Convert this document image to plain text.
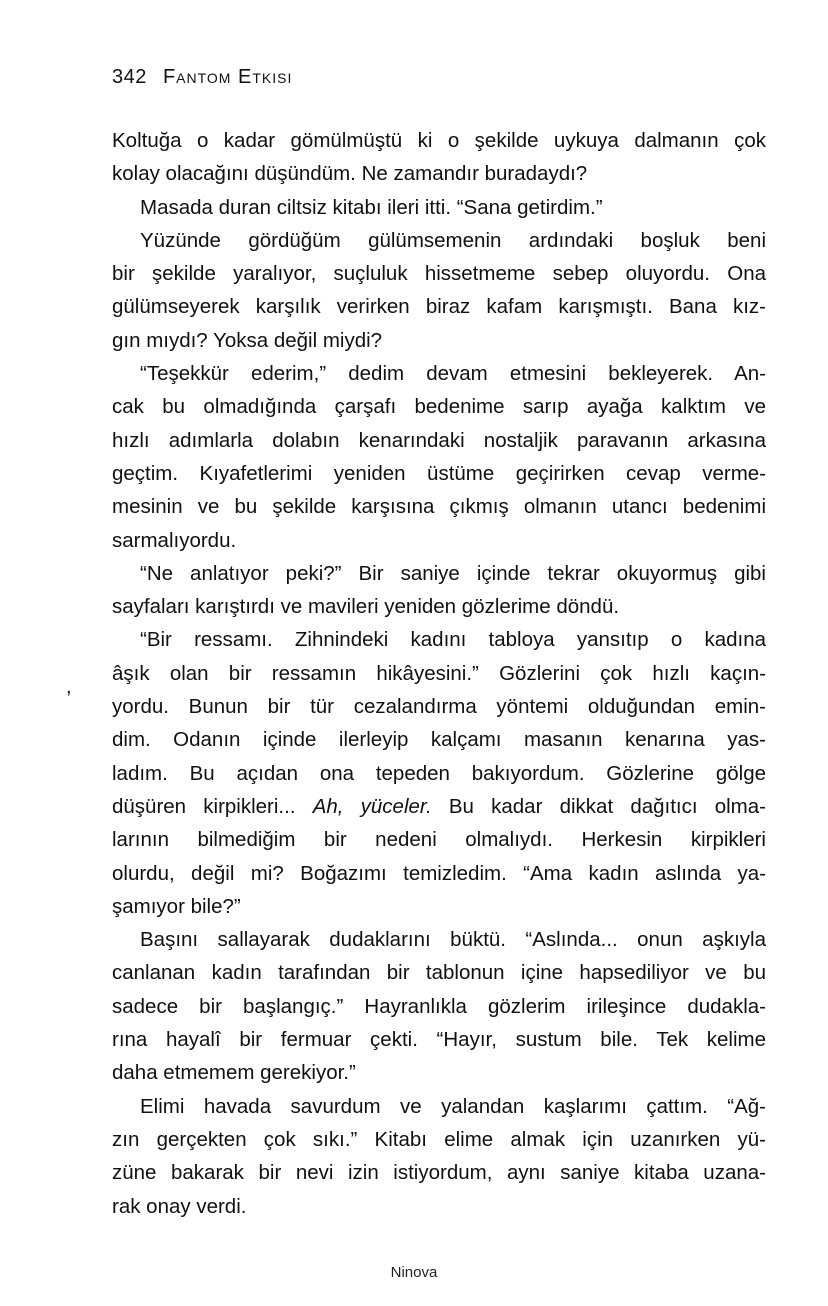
342 Fantom Etkisi
,
Koltuğa o kadar gömülmüştü ki o şekilde uykuya dalmanın çok
kolay olacağını düşündüm. Ne zamandır buradaydı?
Masada duran ciltsiz kitabı ileri itti. “Sana getirdim.”
Yüzünde gördüğüm gülümsemenin ardındaki boşluk beni
bir şekilde yaralıyor, suçluluk hissetmeme sebep oluyordu. Ona
gülümseyerek karşılık verirken biraz kafam karışmıştı. Bana kız-
gın mıydı? Yoksa değil miydi?
“Teşekkür ederim,” dedim devam etmesini bekleyerek. An-
cak bu olmadığında çarşafı bedenime sarıp ayağa kalktım ve
hızlı adımlarla dolabın kenarındaki nostaljik paravanın arkasına
geçtim. Kıyafetlerimi yeniden üstüme geçirirken cevap verme-
mesinin ve bu şekilde karşısına çıkmış olmanın utancı bedenimi
sarmalıyordu.
“Ne anlatıyor peki?” Bir saniye içinde tekrar okuyormuş gibi
sayfaları karıştırdı ve mavileri yeniden gözlerime döndü.
“Bir ressamı. Zihnindeki kadını tabloya yansıtıp o kadına
âşık olan bir ressamın hikâyesini.” Gözlerini çok hızlı kaçın-
yordu. Bunun bir tür cezalandırma yöntemi olduğundan emin-
dim. Odanın içinde ilerleyip kalçamı masanın kenarına yas-
ladım. Bu açıdan ona tepeden bakıyordum. Gözlerine gölge
düşüren kirpikleri... Ah, yüceler. Bu kadar dikkat dağıtıcı olma-
larının bilmediğim bir nedeni olmalıydı. Herkesin kirpikleri
olurdu, değil mi? Boğazımı temizledim. “Ama kadın aslında ya-
şamıyor bile?”
Başını sallayarak dudaklarını büktü. “Aslında... onun aşkıyla
canlanan kadın tarafından bir tablonun içine hapsediliyor ve bu
sadece bir başlangıç.” Hayranlıkla gözlerim irileşince dudakla-
rına hayalî bir fermuar çekti. “Hayır, sustum bile. Tek kelime
daha etmemem gerekiyor.”
Elimi havada savurdum ve yalandan kaşlarımı çattım. “Ağ-
zın gerçekten çok sıkı.” Kitabı elime almak için uzanırken yü-
züne bakarak bir nevi izin istiyordum, aynı saniye kitaba uzana-
rak onay verdi.
Ninova
